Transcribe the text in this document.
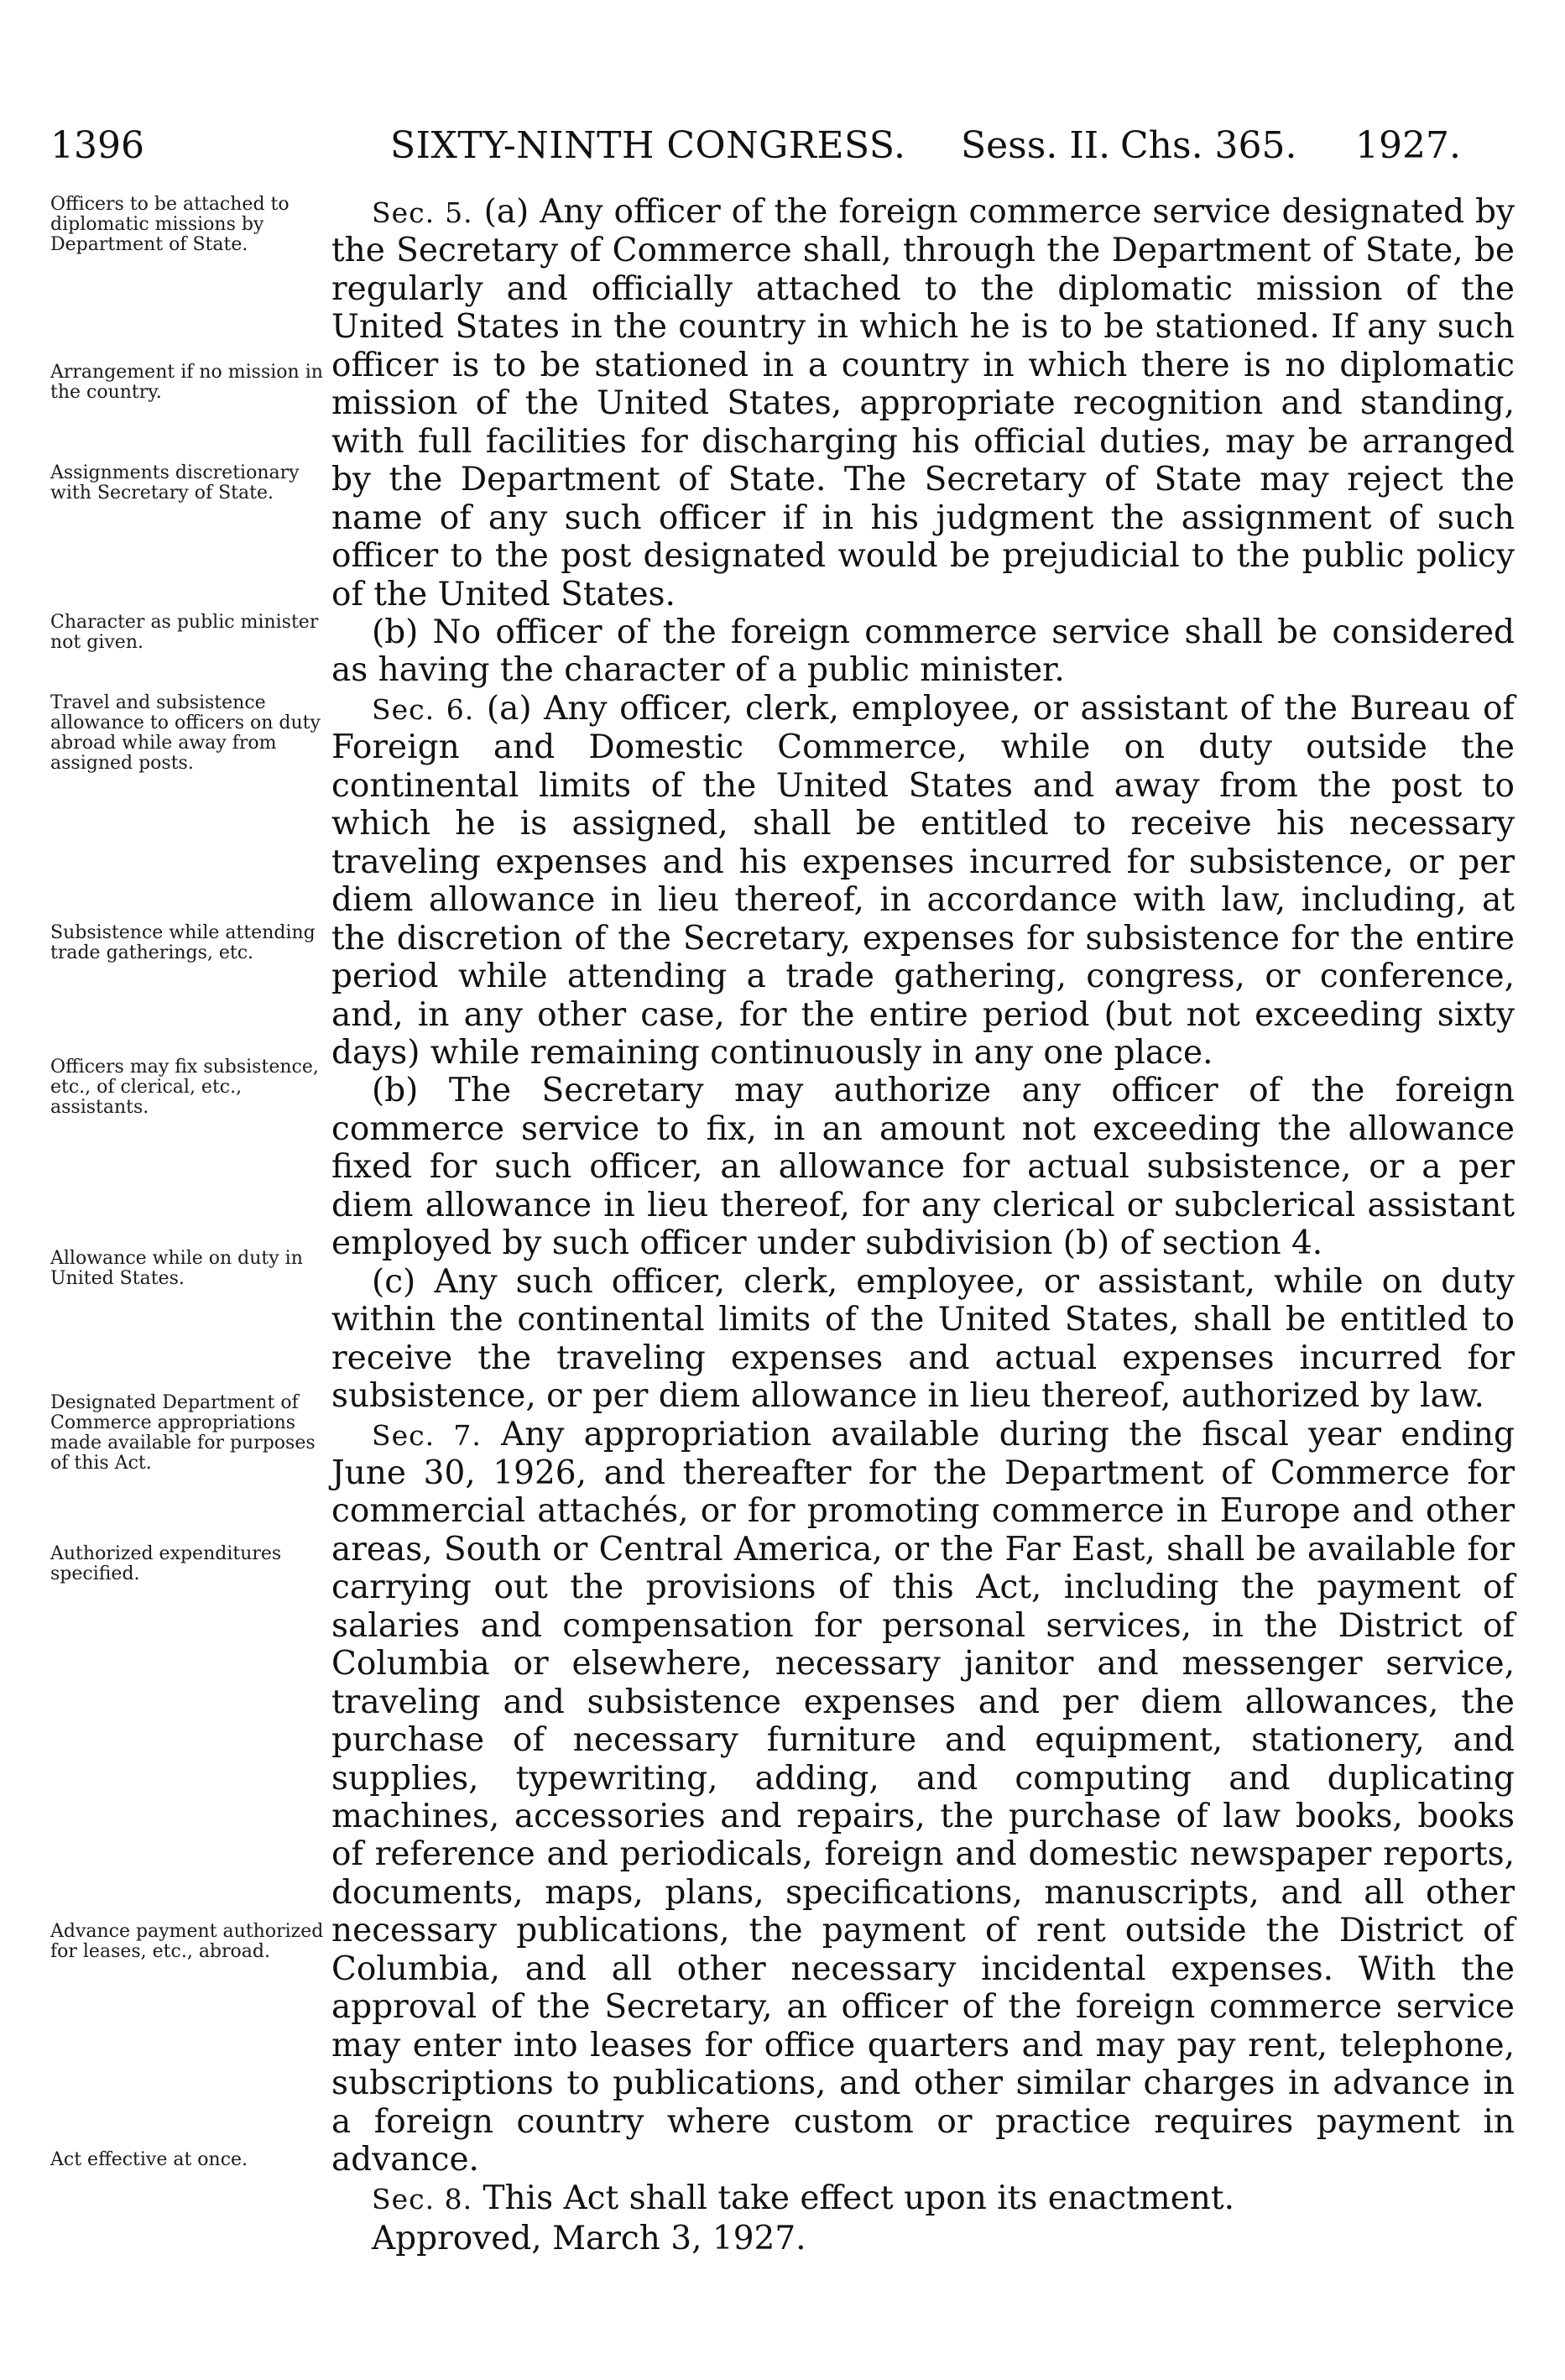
1396	SIXTY-NINTH CONGRESS. Sess. II. Chs. 365. 1927.
Officers to be attached to diplomatic missions by Department of State.
Arrangement if no mission in the country.
Assignments discretionary with Secretary of State.
Character as public minister not given.
Travel and subsistence allowance to officers on duty abroad while away from assigned posts.
Subsistence while attending trade gatherings, etc.
Officers may fix subsistence, etc., of clerical, etc., assistants.
Allowance while on duty in United States.
Designated Department of Commerce appropriations made available for purposes of this Act.
Authorized expenditures specified.
Advance payment authorized for leases, etc., abroad.
Act effective at once.

Sec. 5. (a) Any officer of the foreign commerce service designated by the Secretary of Commerce shall, through the Department of State, be regularly and officially attached to the diplomatic mission of the United States in the country in which he is to be stationed. If any such officer is to be stationed in a country in which there is no diplomatic mission of the United States, appropriate recognition and standing, with full facilities for discharging his official duties, may be arranged by the Department of State. The Secretary of State may reject the name of any such officer if in his judgment the assignment of such officer to the post designated would be prejudicial to the public policy of the United States.

(b) No officer of the foreign commerce service shall be considered as having the character of a public minister.

Sec. 6. (a) Any officer, clerk, employee, or assistant of the Bureau of Foreign and Domestic Commerce, while on duty outside the continental limits of the United States and away from the post to which he is assigned, shall be entitled to receive his necessary traveling expenses and his expenses incurred for subsistence, or per diem allowance in lieu thereof, in accordance with law, including, at the discretion of the Secretary, expenses for subsistence for the entire period while attending a trade gathering, congress, or conference, and, in any other case, for the entire period (but not exceeding sixty days) while remaining continuously in any one place.

(b) The Secretary may authorize any officer of the foreign commerce service to fix, in an amount not exceeding the allowance fixed for such officer, an allowance for actual subsistence, or a per diem allowance in lieu thereof, for any clerical or subclerical assistant employed by such officer under subdivision (b) of section 4.

(c) Any such officer, clerk, employee, or assistant, while on duty within the continental limits of the United States, shall be entitled to receive the traveling expenses and actual expenses incurred for subsistence, or per diem allowance in lieu thereof, authorized by law.

Sec. 7. Any appropriation available during the fiscal year ending June 30, 1926, and thereafter for the Department of Commerce for commercial attachés, or for promoting commerce in Europe and other areas, South or Central America, or the Far East, shall be available for carrying out the provisions of this Act, including the payment of salaries and compensation for personal services, in the District of Columbia or elsewhere, necessary janitor and messenger service, traveling and subsistence expenses and per diem allowances, the purchase of necessary furniture and equipment, stationery, and supplies, typewriting, adding, and computing and duplicating machines, accessories and repairs, the purchase of law books, books of reference and periodicals, foreign and domestic newspaper reports, documents, maps, plans, specifications, manuscripts, and all other necessary publications, the payment of rent outside the District of Columbia, and all other necessary incidental expenses. With the approval of the Secretary, an officer of the foreign commerce service may enter into leases for office quarters and may pay rent, telephone, subscriptions to publications, and other similar charges in advance in a foreign country where custom or practice requires payment in advance.

Sec. 8. This Act shall take effect upon its enactment.

Approved, March 3, 1927.
